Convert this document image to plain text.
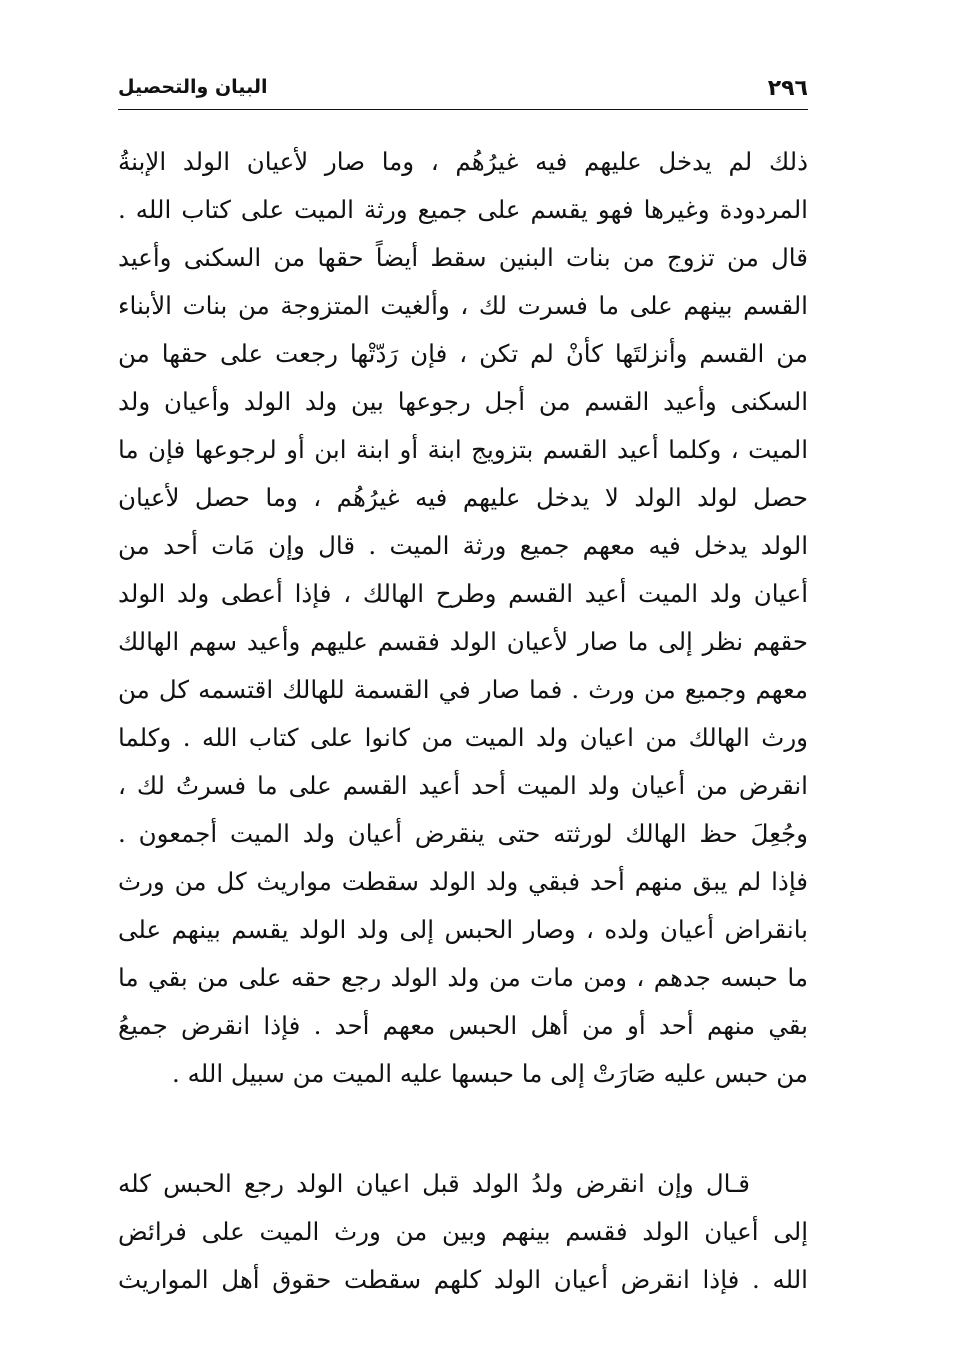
٢٩٦
البيان والتحصيل
ذلك لم يدخل عليهم فيه غيرُهُم ، وما صار لأعيان الولد الإبنةُ
المردودة وغيرها فهو يقسم على جميع ورثة الميت على كتاب الله .
قال من تزوج من بنات البنين سقط أيضاً حقها من السكنى وأعيد
القسم بينهم على ما فسرت لك ، وألغيت المتزوجة من بنات الأبناء
من القسم وأنزلتَها كأنْ لم تكن ، فإن رَدّتْها رجعت على حقها من
السكنى وأعيد القسم من أجل رجوعها بين ولد الولد وأعيان ولد
الميت ، وكلما أعيد القسم بتزويج ابنة أو ابنة ابن أو لرجوعها فإن ما
حصل لولد الولد لا يدخل عليهم فيه غيرُهُم ، وما حصل لأعيان
الولد يدخل فيه معهم جميع ورثة الميت . قال وإن مَات أحد من
أعيان ولد الميت أعيد القسم وطرح الهالك ، فإذا أعطى ولد الولد
حقهم نظر إلى ما صار لأعيان الولد فقسم عليهم وأعيد سهم الهالك
معهم وجميع من ورث . فما صار في القسمة للهالك اقتسمه كل من
ورث الهالك من اعيان ولد الميت من كانوا على كتاب الله . وكلما
انقرض من أعيان ولد الميت أحد أعيد القسم على ما فسرتُ لك ،
وجُعِلَ حظ الهالك لورثته حتى ينقرض أعيان ولد الميت أجمعون .
فإذا لم يبق منهم أحد فبقي ولد الولد سقطت مواريث كل من ورث
بانقراض أعيان ولده ، وصار الحبس إلى ولد الولد يقسم بينهم على
ما حبسه جدهم ، ومن مات من ولد الولد رجع حقه على من بقي ما
بقي منهم أحد أو من أهل الحبس معهم أحد . فإذا انقرض جميعُ
من حبس عليه صَارَتْ إلى ما حبسها عليه الميت من سبيل الله .
قـال وإن انقرض ولدُ الولد قبل اعيان الولد رجع الحبس كله
إلى أعيان الولد فقسم بينهم وبين من ورث الميت على فرائض
الله . فإذا انقرض أعيان الولد كلهم سقطت حقوق أهل المواريث
